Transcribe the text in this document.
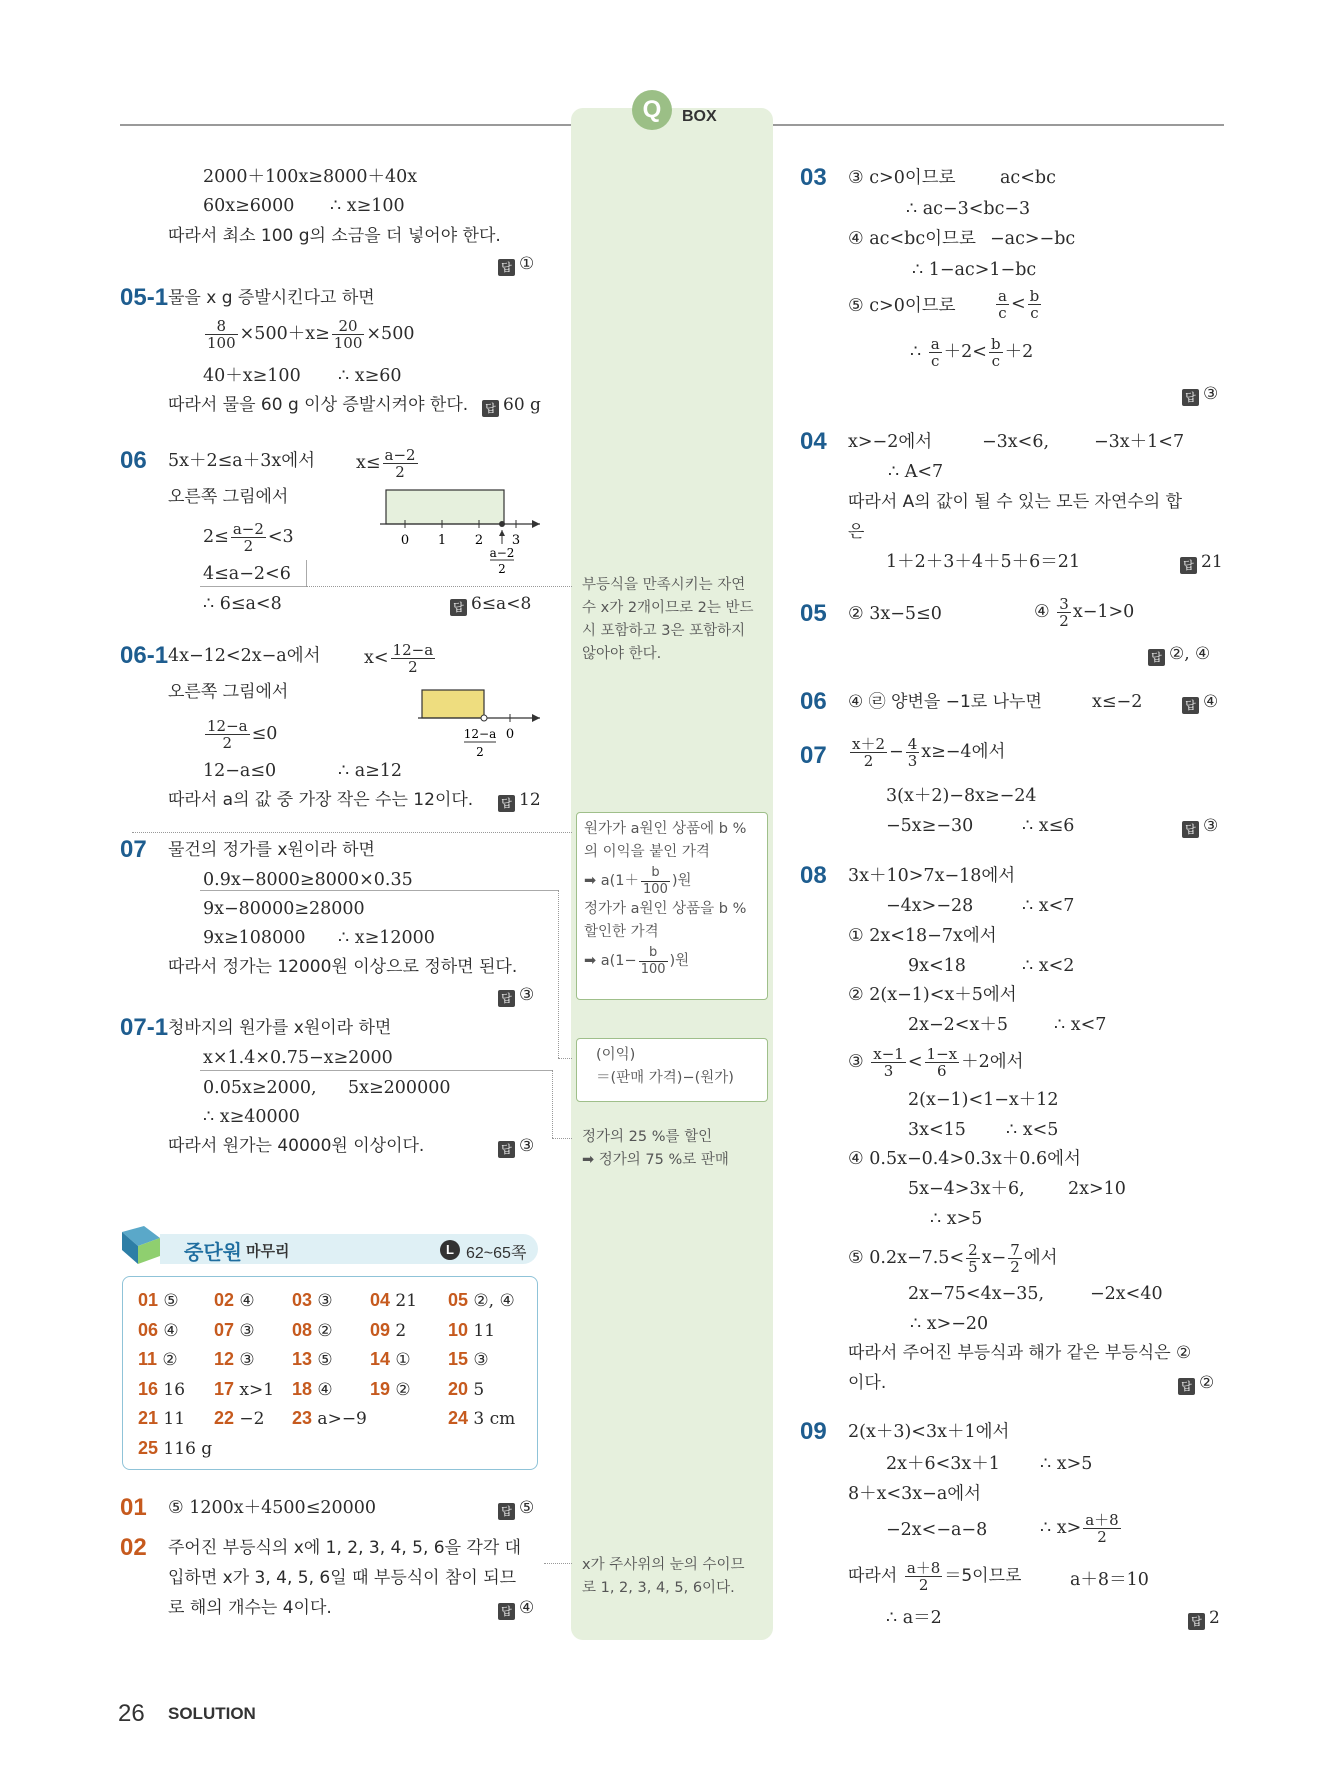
Q	BOX
2000＋100x≥8000＋40x
60x≥6000 ∴ x≥100
따라서 최소 100 g의 소금을 더 넣어야 한다.
답 ①
05-1 물을 x g 증발시킨다고 하면
$\frac{8}{100} \times 500+x\ge \frac{20}{100} \times 500$
40＋x≥100 ∴ x≥60
따라서 물을 60 g 이상 증발시켜야 한다. 답 60 g
06 5x＋2≤a＋3x에서 $x\le \frac{a-2}{2}$
오른쪽 그림에서
$2\le \frac{a-2}{2} <3$
4≤a−2<6
∴ 6≤a<8	답 6≤a<8
0 1 2 3
a−2
2
06-1 4x−12<2x−a에서 $x< \frac{12-a}{2}$
오른쪽 그림에서
$\frac{12-a}{2} \le 0$
12−a≤0	∴ a≥12
따라서 a의 값 중 가장 작은 수는 12이다.	답 12
0
12−a
2
07 물건의 정가를 x원이라 하면
0.9x−8000≥8000×0.35
9x−80000≥28000
9x≥108000 ∴ x≥12000
따라서 정가는 12000원 이상으로 정하면 된다.
답 ③
07-1 청바지의 원가를 x원이라 하면
x×1.4×0.75−x≥2000
0.05x≥2000, 5x≥200000
∴ x≥40000
따라서 원가는 40000원 이상이다.	답 ③
중단원 마무리	L 62~65쪽
01 ⑤ 02 ④ 03 ③ 04 21 05 ②, ④
06 ④ 07 ③ 08 ② 09 2 10 11
11 ② 12 ③ 13 ⑤ 14 ① 15 ③
16 16 17 x>1 18 ④ 19 ② 20 5
21 11 22 −2 23 a>−9	24 3 cm
25 116 g
01 ⑤ 1200x＋4500≤20000	답 ⑤
02 주어진 부등식의 x에 1, 2, 3, 4, 5, 6을 각각 대
입하면 x가 3, 4, 5, 6일 때 부등식이 참이 되므
로 해의 개수는 4이다.	답 ④
부등식을 만족시키는 자연
수 x가 2개이므로 2는 반드
시 포함하고 3은 포함하지
않아야 한다.
원가가 a원인 상품에 b %
의 이익을 붙인 가격
➡ $a(1+ \frac{b}{100}$ )원
정가가 a원인 상품을 b %
할인한 가격
➡ $a(1- \frac{b}{100}$ )원
(이익)
＝(판매 가격)−(원가)
정가의 25 %를 할인
➡ 정가의 75 %로 판매
x가 주사위의 눈의 수이므
로 1, 2, 3, 4, 5, 6이다.
03 ③ c>0이므로	ac<bc
∴ ac−3<bc−3
④ ac<bc이므로 −ac>−bc
∴ 1−ac>1−bc
⑤ c>0이므로	$\frac{a}{c} < \frac{b}{c}$
∴ $\frac{a}{c} +2< \frac{b}{c} +2$
답 ③
04 x>−2에서	−3x<6,	−3x＋1<7
∴ A<7
따라서 A의 값이 될 수 있는 모든 자연수의 합
은
1＋2＋3＋4＋5＋6＝21	답 21
05 ② 3x−5≤0	④ $\frac{3}{2} x-1>0$
답 ②, ④
06 ④ ㉣ 양변을 −1로 나누면	x≤−2	답 ④
$07 \frac{x+2}{2} - \frac{4}{3} x\ge-4$에서
3(x＋2)−8x≥−24
−5x≥−30	∴ x≤6	답 ③
08 3x＋10>7x−18에서
−4x>−28	∴ x<7
① 2x<18−7x에서
9x<18	∴ x<2
② 2(x−1)<x＋5에서
2x−2<x＋5	∴ x<7
③ $\frac{x-1}{3} < \frac{1-x}{6} +2$에서
2(x−1)<1−x＋12
3x<15 ∴ x<5
④ 0.5x−0.4>0.3x＋0.6에서
5x−4>3x＋6, 2x>10
∴ x>5
⑤ $0.2x-7.5< \frac{2}{5} x- \frac{7}{2}$ 에서
2x−75<4x−35,	−2x<40
∴ x>−20
따라서 주어진 부등식과 해가 같은 부등식은 ②
이다.	답 ②
09 2(x＋3)<3x＋1에서
2x＋6<3x＋1 ∴ x>5
8＋x<3x−a에서
−2x<−a−8	∴ $x> \frac{a+8}{2}$
따라서 $\frac{a+8}{2} =5$이므로	a＋8＝10
∴ a＝2	답 2
26 SOLUTION
